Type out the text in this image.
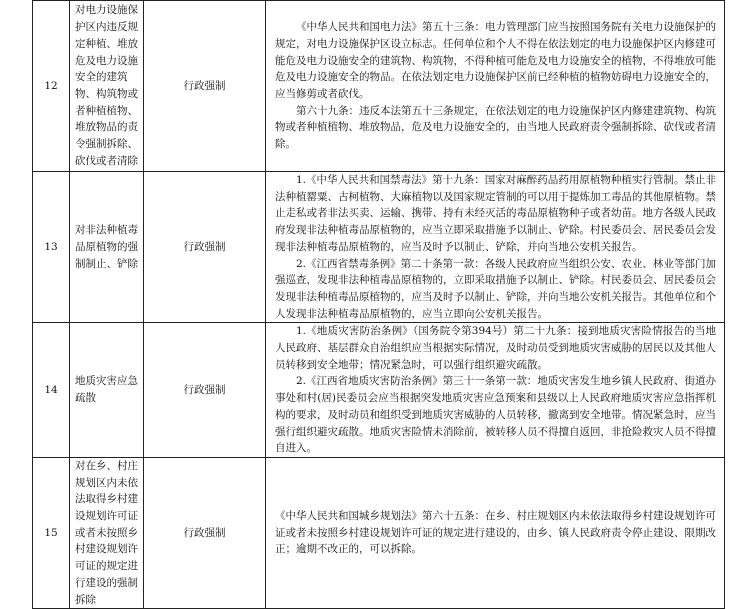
12	对电力设施保护区内违反规定种植、堆放危及电力设施安全的建筑物、构筑物或者种植植物、堆放物品的责令强制拆除、砍伐或者清除	行政强制	《中华人民共和国电力法》第五十三条：电力管理部门应当按照国务院有关电力设施保护的规定，对电力设施保护区设立标志。任何单位和个人不得在依法划定的电力设施保护区内修建可能危及电力设施安全的建筑物、构筑物，不得种植可能危及电力设施安全的植物，不得堆放可能危及电力设施安全的物品。在依法划定电力设施保护区前已经种植的植物妨碍电力设施安全的，应当修剪或者砍伐。

第六十九条：违反本法第五十三条规定，在依法划定的电力设施保护区内修建建筑物、构筑物或者种植植物、堆放物品，危及电力设施安全的，由当地人民政府责令强制拆除、砍伐或者清除。

13	对非法种植毒品原植物的强制制止、铲除	行政强制	1.《中华人民共和国禁毒法》第十九条：国家对麻醉药品药用原植物种植实行管制。禁止非法种植罂粟、古柯植物、大麻植物以及国家规定管制的可以用于提炼加工毒品的其他原植物。禁止走私或者非法买卖、运输、携带、持有未经灭活的毒品原植物种子或者幼苗。地方各级人民政府发现非法种植毒品原植物的，应当立即采取措施予以制止、铲除。村民委员会、居民委员会发现非法种植毒品原植物的，应当及时予以制止、铲除，并向当地公安机关报告。

2.《江西省禁毒条例》第二十条第一款：各级人民政府应当组织公安、农业、林业等部门加强巡查，发现非法种植毒品原植物的，立即采取措施予以制止、铲除。村民委员会、居民委员会发现非法种植毒品原植物的，应当及时予以制止、铲除，并向当地公安机关报告。其他单位和个人发现非法种植毒品原植物的，应当立即向公安机关报告。

14	地质灾害应急疏散	行政强制	1.《地质灾害防治条例》（国务院令第394号）第二十九条：接到地质灾害险情报告的当地人民政府、基层群众自治组织应当根据实际情况，及时动员受到地质灾害威胁的居民以及其他人员转移到安全地带；情况紧急时，可以强行组织避灾疏散。

2.《江西省地质灾害防治条例》第三十一条第一款：地质灾害发生地乡镇人民政府、街道办事处和村(居)民委员会应当根据突发地质灾害应急预案和县级以上人民政府地质灾害应急指挥机构的要求，及时动员和组织受到地质灾害威胁的人员转移，撤离到安全地带。情况紧急时，应当强行组织避灾疏散。地质灾害险情未消除前，被转移人员不得擅自返回，非抢险救灾人员不得擅自进入。

15	对在乡、村庄规划区内未依法取得乡村建设规划许可证或者未按照乡村建设规划许可证的规定进行建设的强制拆除	行政强制	《中华人民共和国城乡规划法》第六十五条：在乡、村庄规划区内未依法取得乡村建设规划许可证或者未按照乡村建设规划许可证的规定进行建设的，由乡、镇人民政府责令停止建设、限期改正；逾期不改正的，可以拆除。
